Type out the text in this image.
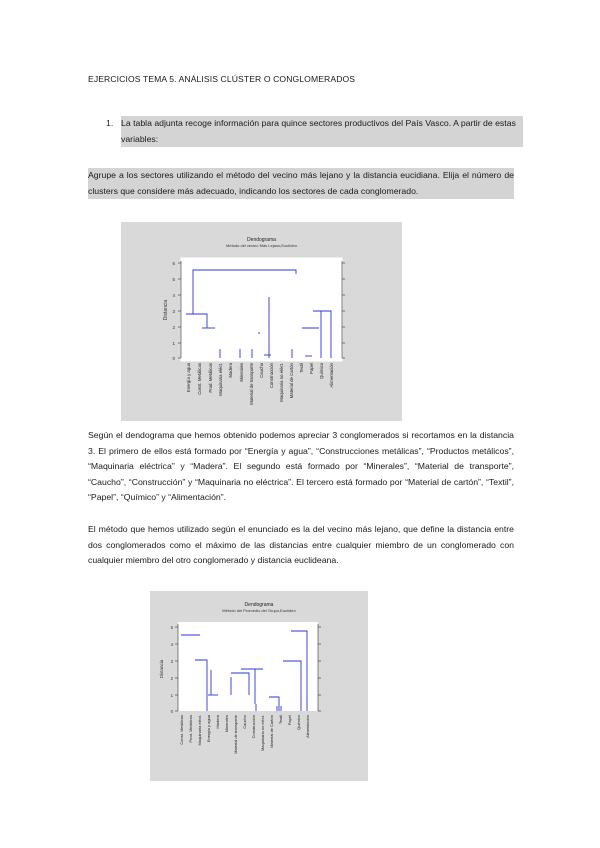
EJERCICIOS TEMA 5. ANÁLISIS CLÚSTER O CONGLOMERADOS
1. La tabla adjunta recoge información para quince sectores productivos del País Vasco. A partir de estas variables:
Agrupe a los sectores utilizando el método del vecino más lejano y la distancia eucidiana. Elija el número de clusters que considere más adecuado, indicando los sectores de cada conglomerado.
Dendograma
Método del vecino Más Lejano,Euclídeo
6
5
4
3
2
1
0
Distancia
Energía y agua Const. Metálicas Prod. Metálicos Maquinaria eléct. Madera Minerales Material de transporte Caucho Construcción Maquinaria no eléct. Material de Cartón Textil Papel Químico Alimentación
Según el dendograma que hemos obtenido podemos apreciar 3 conglomerados si recortamos en la distancia 3. El primero de ellos está formado por “Energía y agua”, “Construcciones metálicas”, “Productos metálicos”, “Maquinaria eléctrica” y “Madera”. El segundo está formado por “Minerales”, “Material de transporte”, “Caucho”, “Construcción” y “Maquinaria no eléctrica”. El tercero está formado por “Material de cartón”, “Textil”, “Papel”, “Químico” y “Alimentación”.
El método que hemos utilizado según el enunciado es la del vecino más lejano, que define la distancia entre dos conglomerados como el máximo de las distancias entre cualquier miembro de un conglomerado con cualquier miembro del otro conglomerado y distancia euclideana.
Dendograma
Método del Promedio del Grupo,Euclídeo
5
4
3
2
1
0
Distancia
Const. Metálicas Prod. Metálicos Maquinaria eléct. Energía y agua Madera Minerales Material de transporte Caucho Construcción Maquinaria no eléct. Material de Cartón Textil Papel Químico Alimentación
